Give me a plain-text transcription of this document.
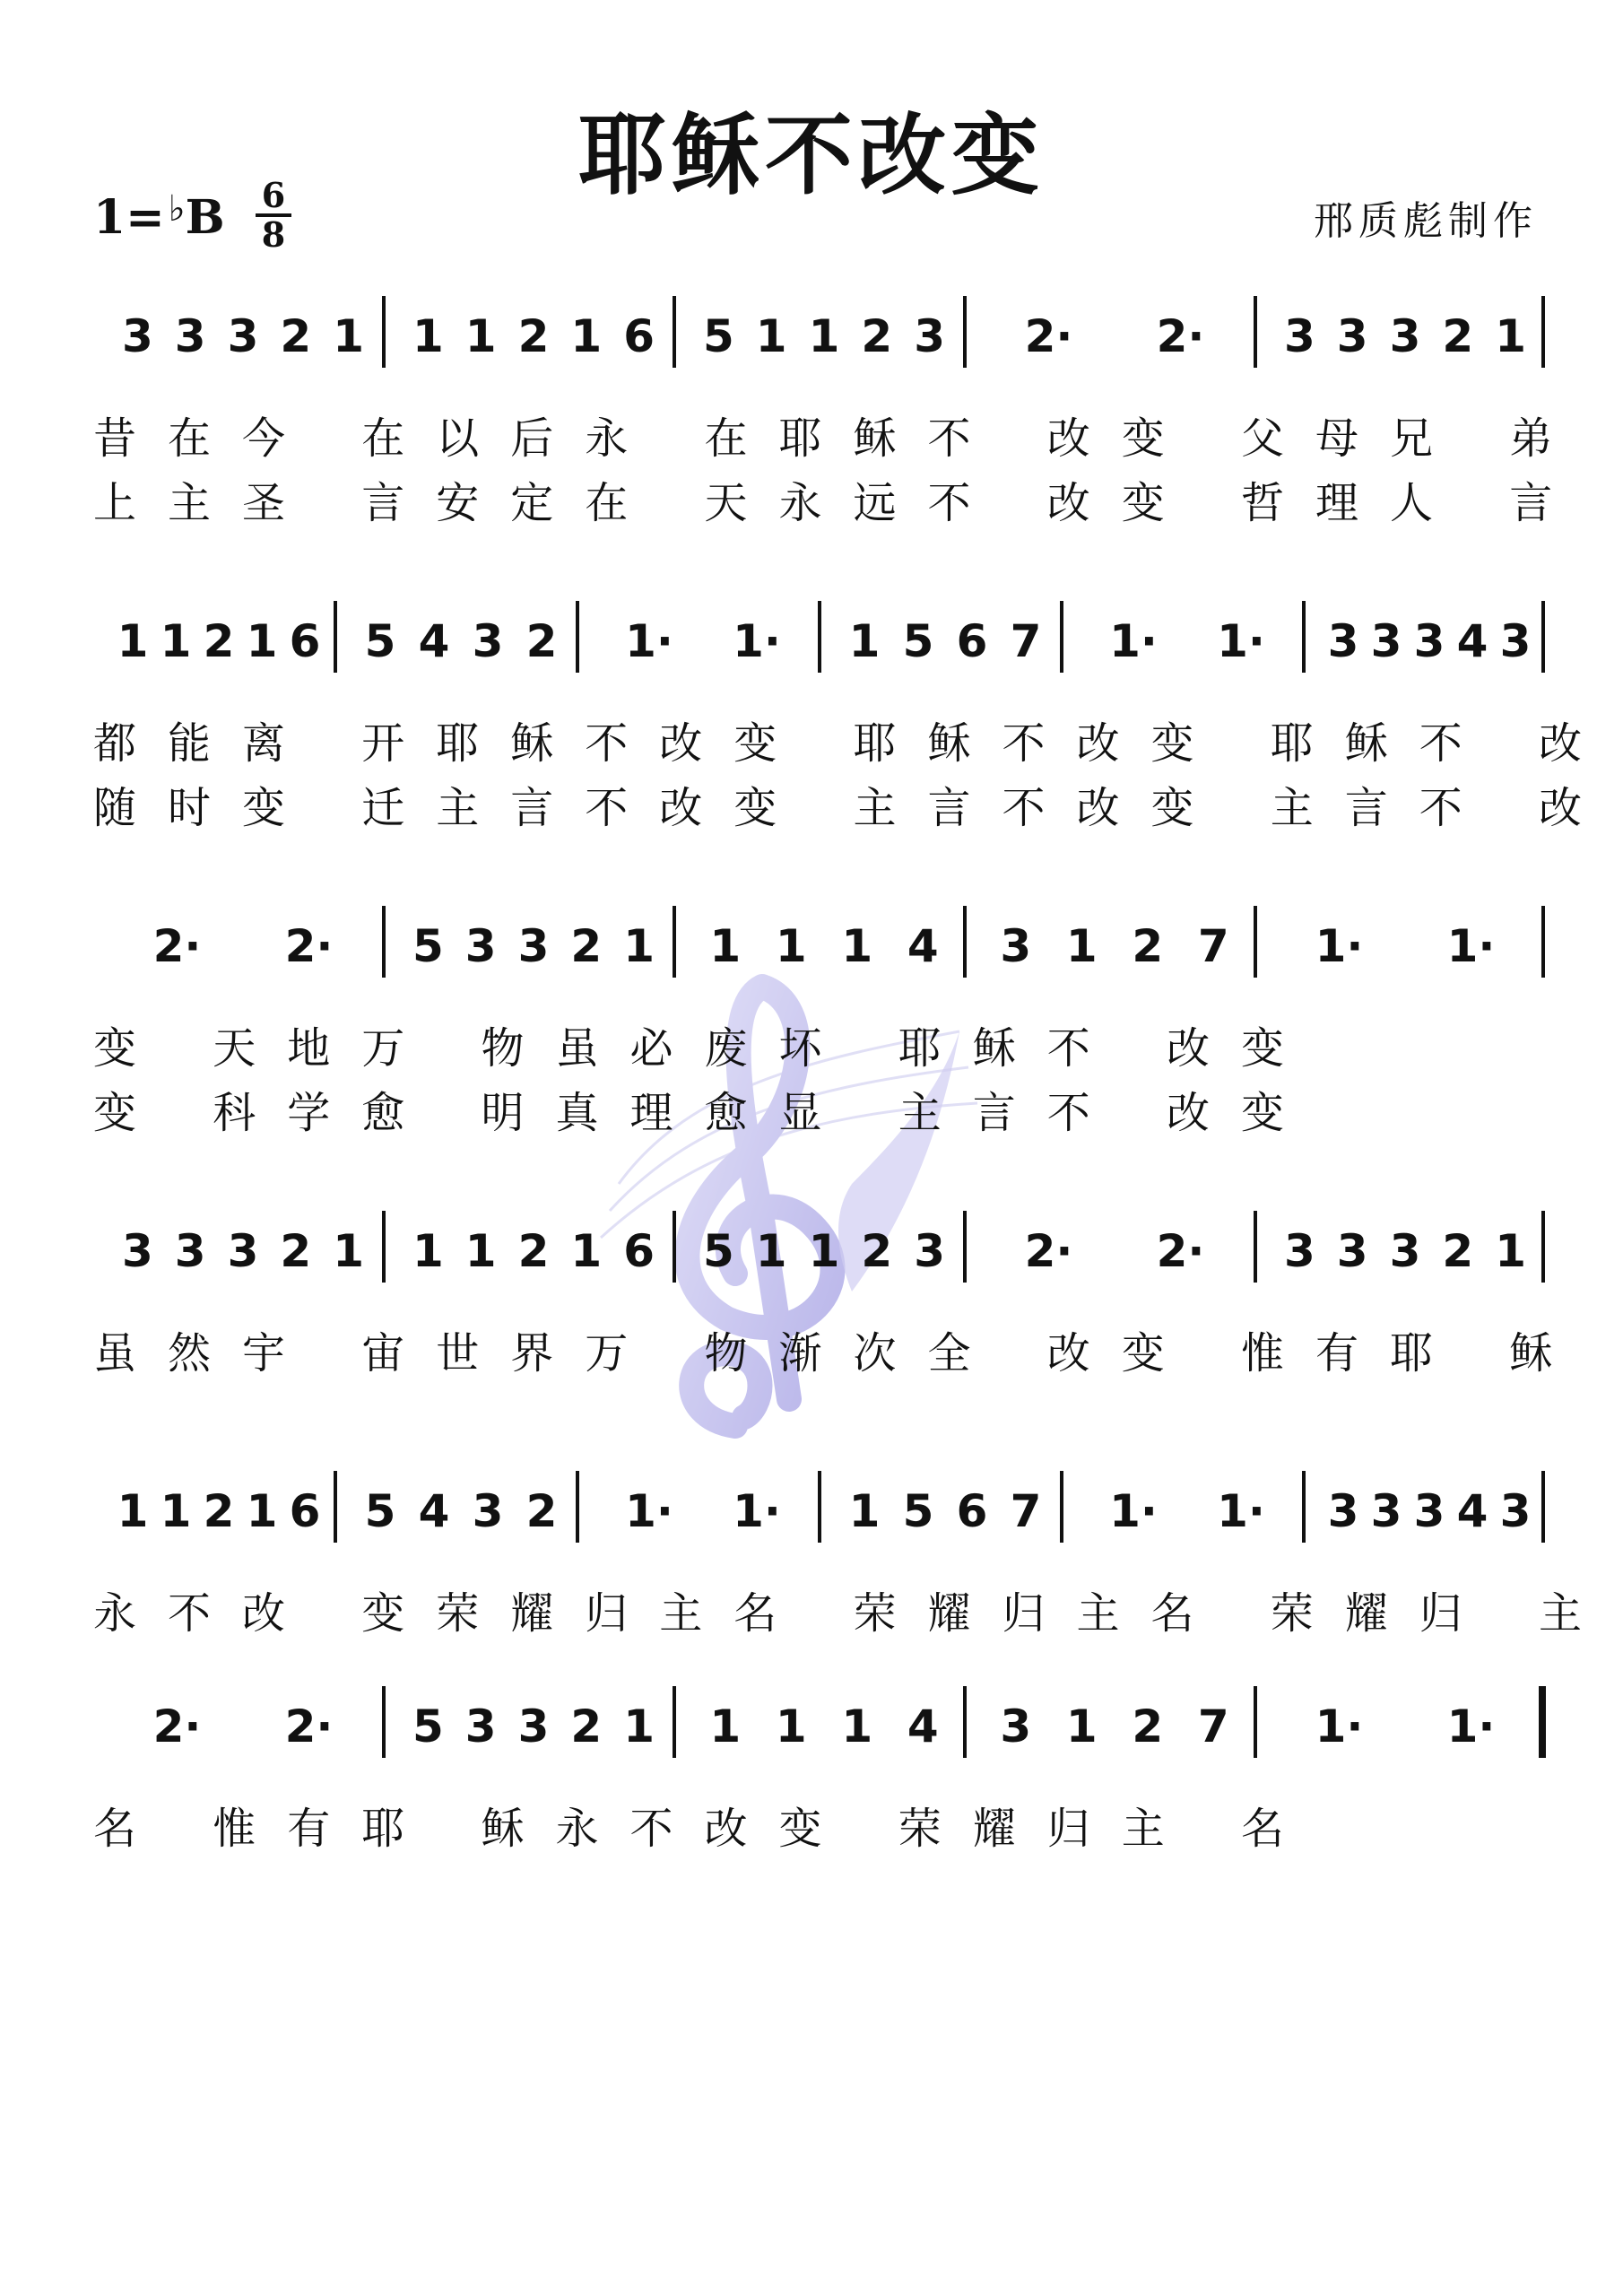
耶稣不改变
1= ♭B 6
8	邢质彪制作
3 3 3 2 1 1 1 2 1 6 5 1 1 2 3 2· 2· 3 3 3 2 1
昔在今 在以后永 在耶稣不 改变 父母兄 弟
上主圣 言安定在 天永远不 改变 哲理人 言
1 1 2 1 6 5 4 3 2 1· 1· 1 5 6 7 1· 1· 3 3 3 4 3
都能离 开耶稣不改变 耶稣不改变 耶稣不 改
随时变 迁主言不改变 主言不改变 主言不 改
2· 2· 5 3 3 2 1 1 1 1 4 3 1 2 7 1· 1·
变 天地万 物虽必废坏 耶稣不 改变
变 科学愈 明真理愈显 主言不 改变
3 3 3 2 1 1 1 2 1 6 5 1 1 2 3 2· 2· 3 3 3 2 1
虽然宇 宙世界万 物渐次全 改变 惟有耶 稣
1 1 2 1 6 5 4 3 2 1· 1· 1 5 6 7 1· 1· 3 3 3 4 3
永不改 变荣耀归主名 荣耀归主名 荣耀归 主
2· 2· 5 3 3 2 1 1 1 1 4 3 1 2 7 1· 1·
名 惟有耶 稣永不改变 荣耀归主 名
